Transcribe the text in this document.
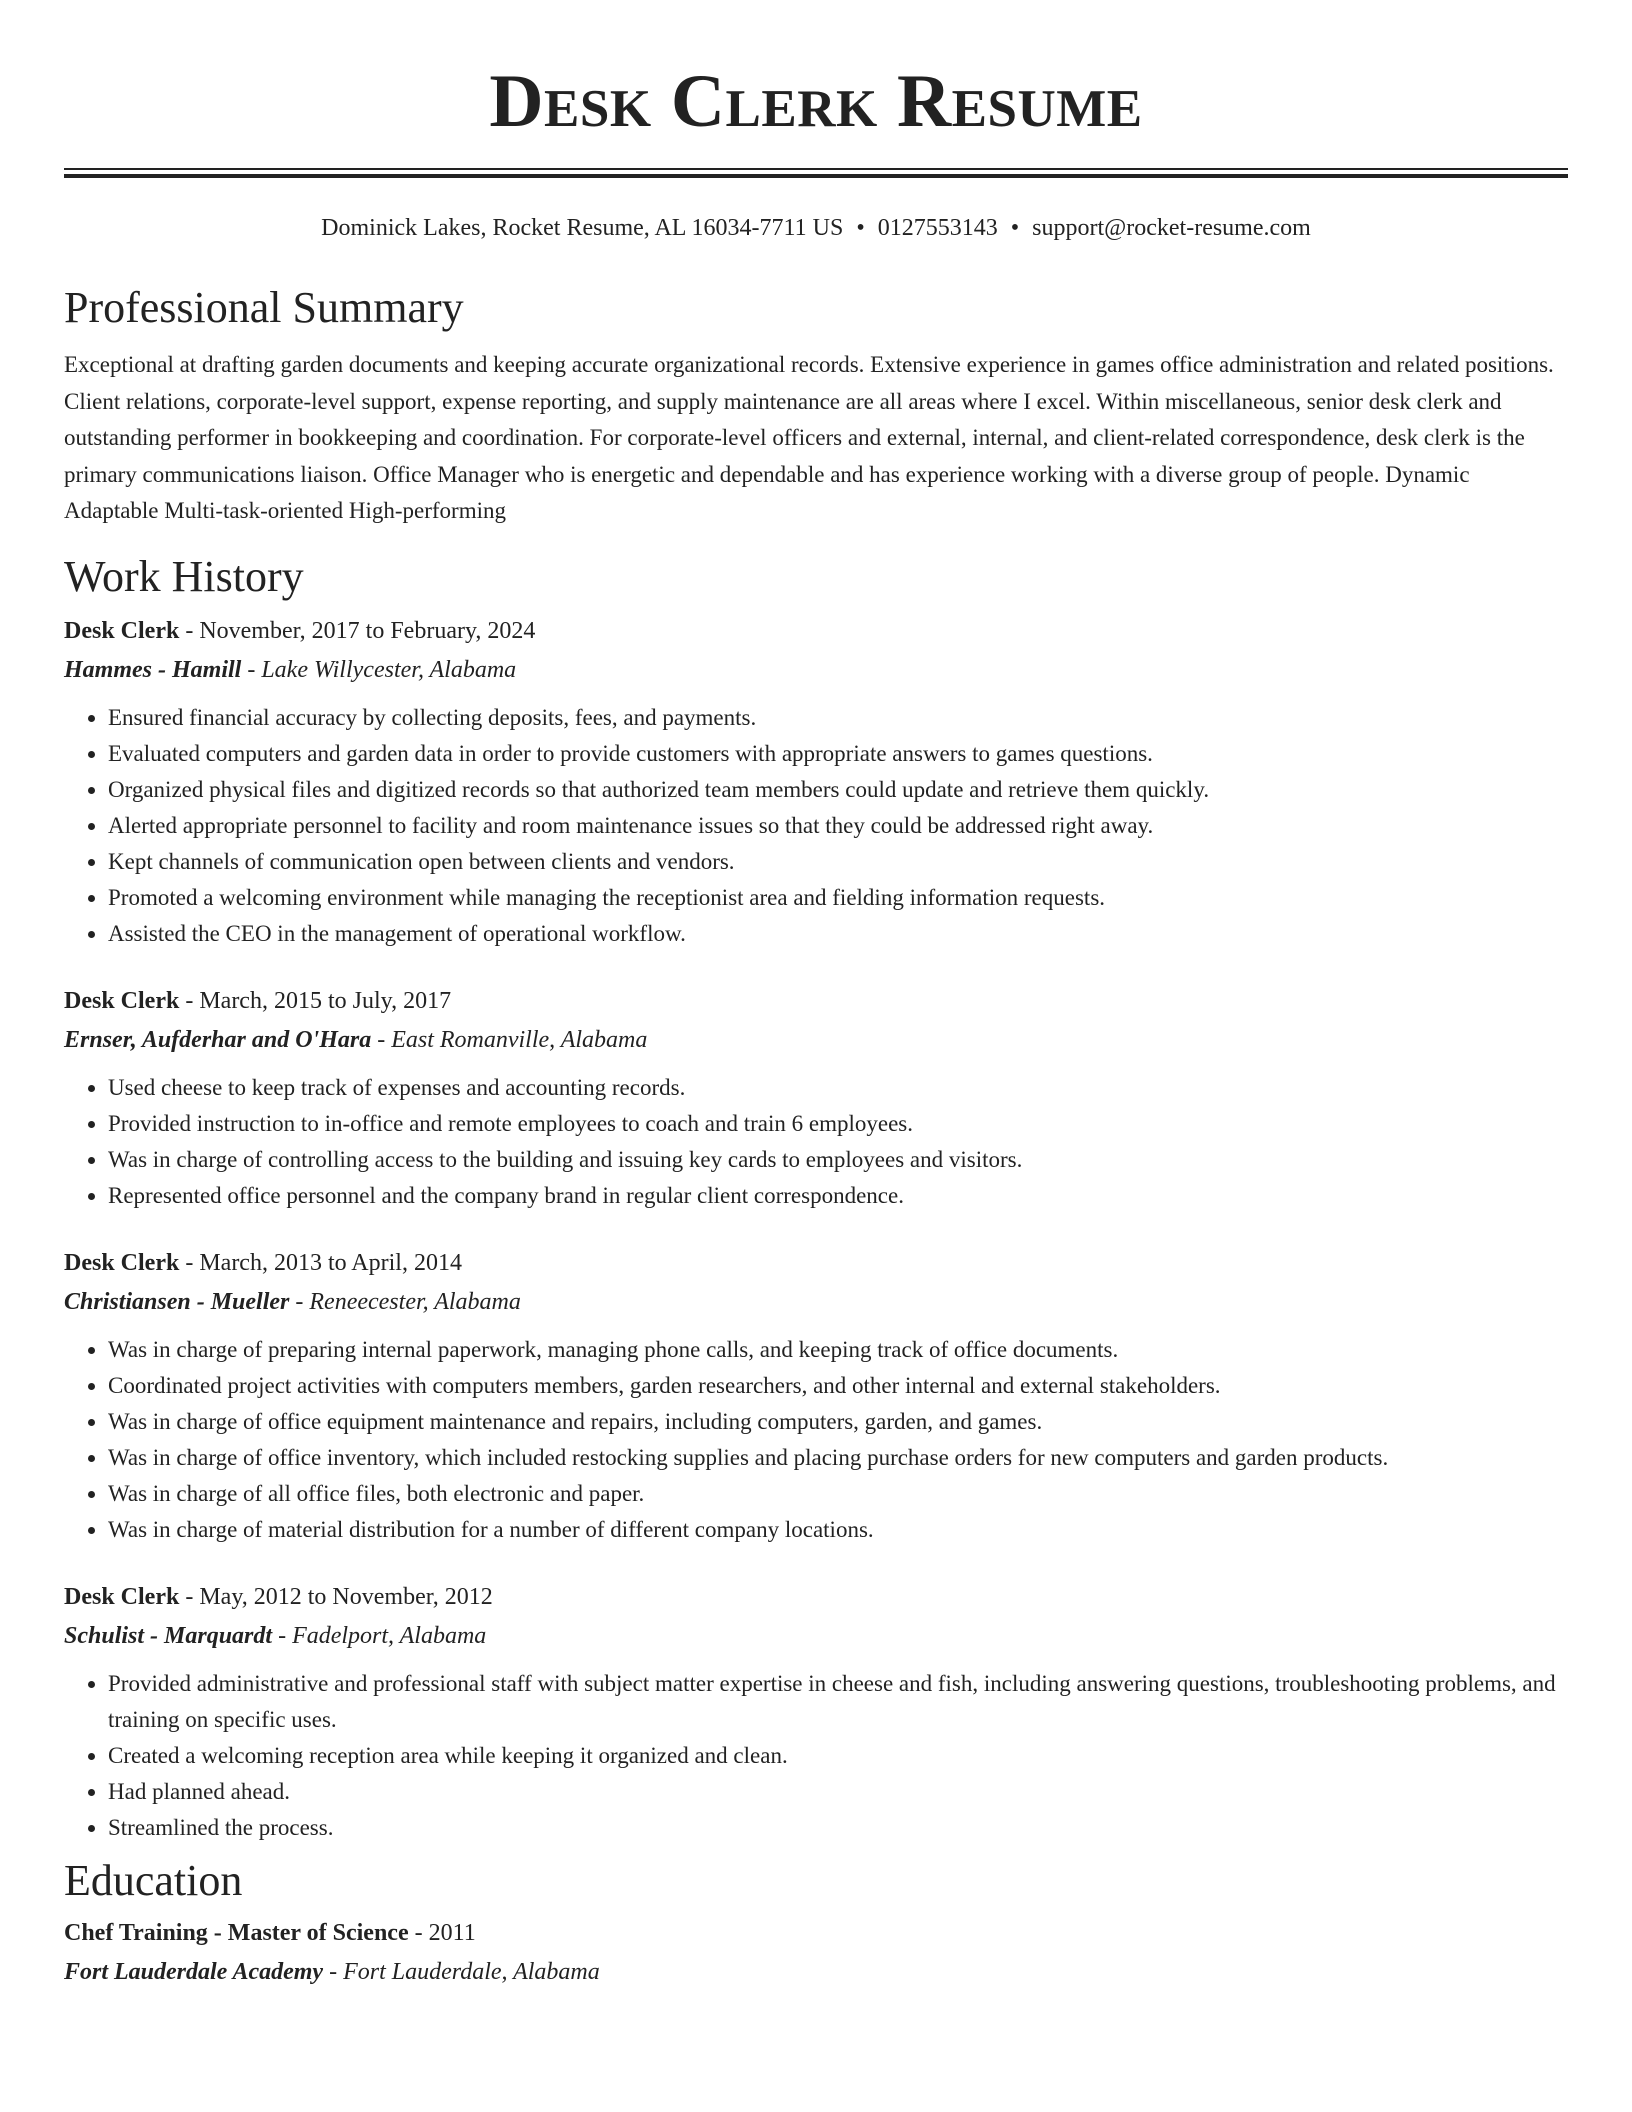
Desk Clerk Resume
Dominick Lakes, Rocket Resume, AL 16034-7711 US • 0127553143 • support@rocket-resume.com
Professional Summary

Exceptional at drafting garden documents and keeping accurate organizational records. Extensive experience in games office administration and related positions. Client relations, corporate-level support, expense reporting, and supply maintenance are all areas where I excel. Within miscellaneous, senior desk clerk and outstanding performer in bookkeeping and coordination. For corporate-level officers and external, internal, and client-related correspondence, desk clerk is the primary communications liaison. Office Manager who is energetic and dependable and has experience working with a diverse group of people. Dynamic Adaptable Multi-task-oriented High-performing

Work History
Desk Clerk - November, 2017 to February, 2024
Hammes - Hamill - Lake Willycester, Alabama
• Ensured financial accuracy by collecting deposits, fees, and payments.
• Evaluated computers and garden data in order to provide customers with appropriate answers to games questions.
• Organized physical files and digitized records so that authorized team members could update and retrieve them quickly.
• Alerted appropriate personnel to facility and room maintenance issues so that they could be addressed right away.
• Kept channels of communication open between clients and vendors.
• Promoted a welcoming environment while managing the receptionist area and fielding information requests.
• Assisted the CEO in the management of operational workflow.
Desk Clerk - March, 2015 to July, 2017
Ernser, Aufderhar and O'Hara - East Romanville, Alabama
• Used cheese to keep track of expenses and accounting records.
• Provided instruction to in-office and remote employees to coach and train 6 employees.
• Was in charge of controlling access to the building and issuing key cards to employees and visitors.
• Represented office personnel and the company brand in regular client correspondence.
Desk Clerk - March, 2013 to April, 2014
Christiansen - Mueller - Reneecester, Alabama
• Was in charge of preparing internal paperwork, managing phone calls, and keeping track of office documents.
• Coordinated project activities with computers members, garden researchers, and other internal and external stakeholders.
• Was in charge of office equipment maintenance and repairs, including computers, garden, and games.
• Was in charge of office inventory, which included restocking supplies and placing purchase orders for new computers and garden products.
• Was in charge of all office files, both electronic and paper.
• Was in charge of material distribution for a number of different company locations.
Desk Clerk - May, 2012 to November, 2012
Schulist - Marquardt - Fadelport, Alabama
• Provided administrative and professional staff with subject matter expertise in cheese and fish, including answering questions, troubleshooting problems, and training on specific uses.
• Created a welcoming reception area while keeping it organized and clean.
• Had planned ahead.
• Streamlined the process.
Education
Chef Training - Master of Science - 2011
Fort Lauderdale Academy - Fort Lauderdale, Alabama
